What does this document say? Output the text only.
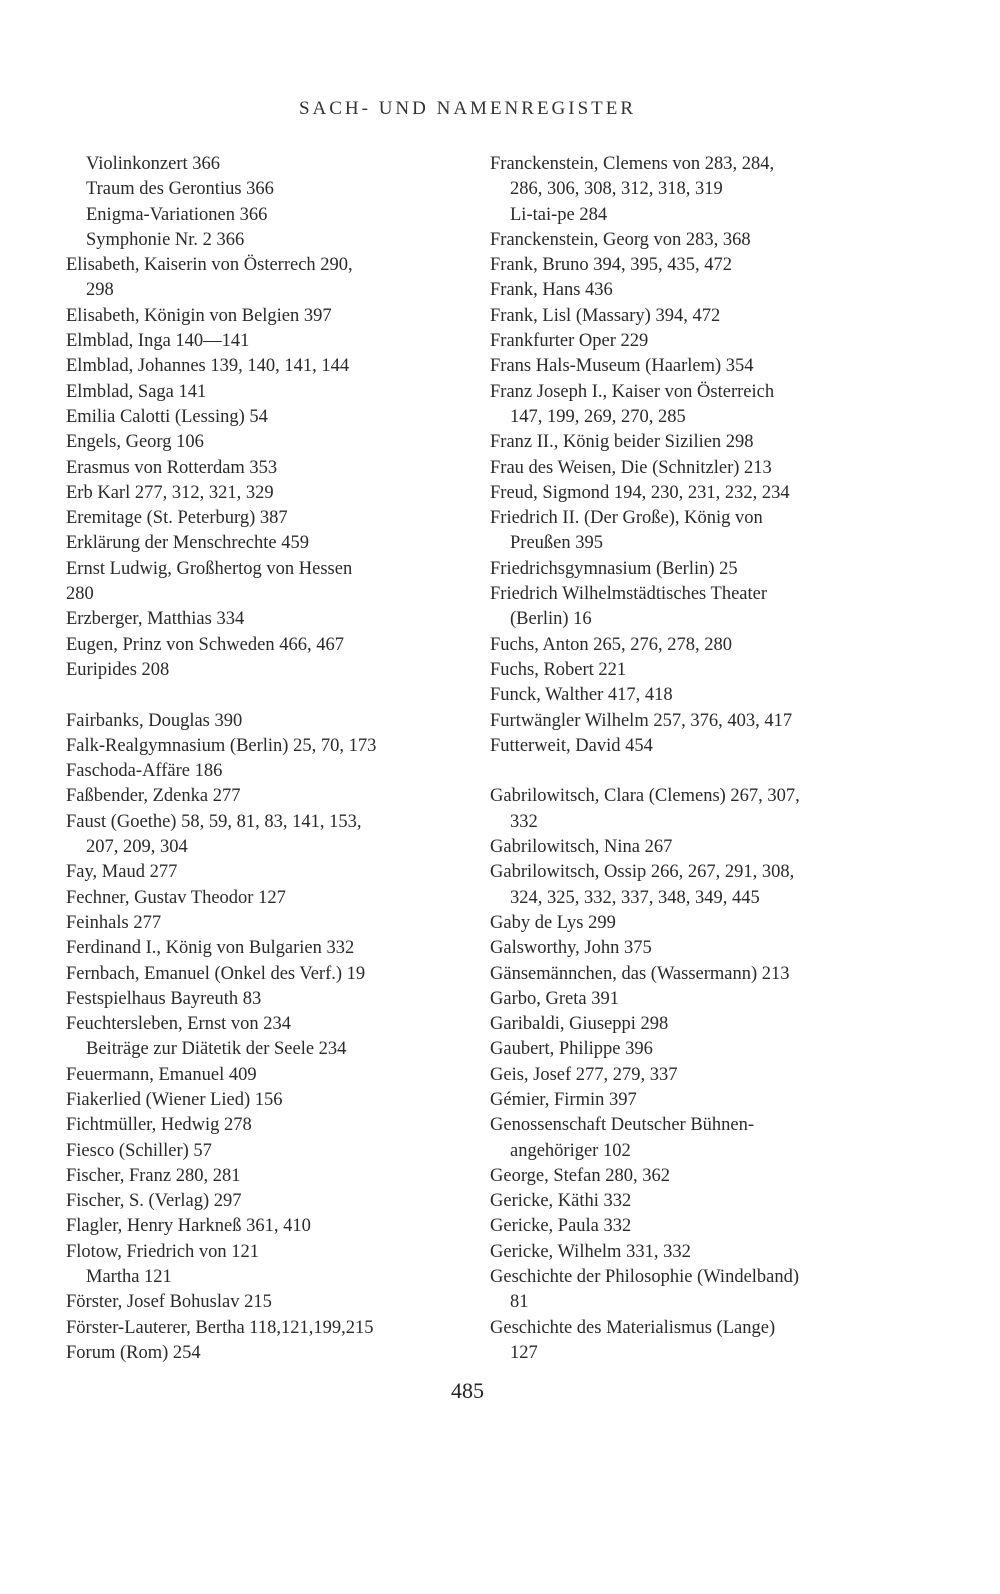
SACH- UND NAMENREGISTER
Violinkonzert 366
Traum des Gerontius 366
Enigma-Variationen 366
Symphonie Nr. 2 366
Elisabeth, Kaiserin von Österrech 290,
298
Elisabeth, Königin von Belgien 397
Elmblad, Inga 140—141
Elmblad, Johannes 139, 140, 141, 144
Elmblad, Saga 141
Emilia Calotti (Lessing) 54
Engels, Georg 106
Erasmus von Rotterdam 353
Erb Karl 277, 312, 321, 329
Eremitage (St. Peterburg) 387
Erklärung der Menschrechte 459
Ernst Ludwig, Großhertog von Hessen
280
Erzberger, Matthias 334
Eugen, Prinz von Schweden 466, 467
Euripides 208
Fairbanks, Douglas 390
Falk-Realgymnasium (Berlin) 25, 70, 173
Faschoda-Affäre 186
Faßbender, Zdenka 277
Faust (Goethe) 58, 59, 81, 83, 141, 153,
207, 209, 304
Fay, Maud 277
Fechner, Gustav Theodor 127
Feinhals 277
Ferdinand I., König von Bulgarien 332
Fernbach, Emanuel (Onkel des Verf.) 19
Festspielhaus Bayreuth 83
Feuchtersleben, Ernst von 234
Beiträge zur Diätetik der Seele 234
Feuermann, Emanuel 409
Fiakerlied (Wiener Lied) 156
Fichtmüller, Hedwig 278
Fiesco (Schiller) 57
Fischer, Franz 280, 281
Fischer, S. (Verlag) 297
Flagler, Henry Harkneß 361, 410
Flotow, Friedrich von 121
Martha 121
Förster, Josef Bohuslav 215
Förster-Lauterer, Bertha 118,121,199,215
Forum (Rom) 254
Franckenstein, Clemens von 283, 284,
286, 306, 308, 312, 318, 319
Li-tai-pe 284
Franckenstein, Georg von 283, 368
Frank, Bruno 394, 395, 435, 472
Frank, Hans 436
Frank, Lisl (Massary) 394, 472
Frankfurter Oper 229
Frans Hals-Museum (Haarlem) 354
Franz Joseph I., Kaiser von Österreich
147, 199, 269, 270, 285
Franz II., König beider Sizilien 298
Frau des Weisen, Die (Schnitzler) 213
Freud, Sigmond 194, 230, 231, 232, 234
Friedrich II. (Der Große), König von
Preußen 395
Friedrichsgymnasium (Berlin) 25
Friedrich Wilhelmstädtisches Theater
(Berlin) 16
Fuchs, Anton 265, 276, 278, 280
Fuchs, Robert 221
Funck, Walther 417, 418
Furtwängler Wilhelm 257, 376, 403, 417
Futterweit, David 454
Gabrilowitsch, Clara (Clemens) 267, 307,
332
Gabrilowitsch, Nina 267
Gabrilowitsch, Ossip 266, 267, 291, 308,
324, 325, 332, 337, 348, 349, 445
Gaby de Lys 299
Galsworthy, John 375
Gänsemännchen, das (Wassermann) 213
Garbo, Greta 391
Garibaldi, Giuseppi 298
Gaubert, Philippe 396
Geis, Josef 277, 279, 337
Gémier, Firmin 397
Genossenschaft Deutscher Bühnen-
angehöriger 102
George, Stefan 280, 362
Gericke, Käthi 332
Gericke, Paula 332
Gericke, Wilhelm 331, 332
Geschichte der Philosophie (Windelband)
81
Geschichte des Materialismus (Lange)
127
485
